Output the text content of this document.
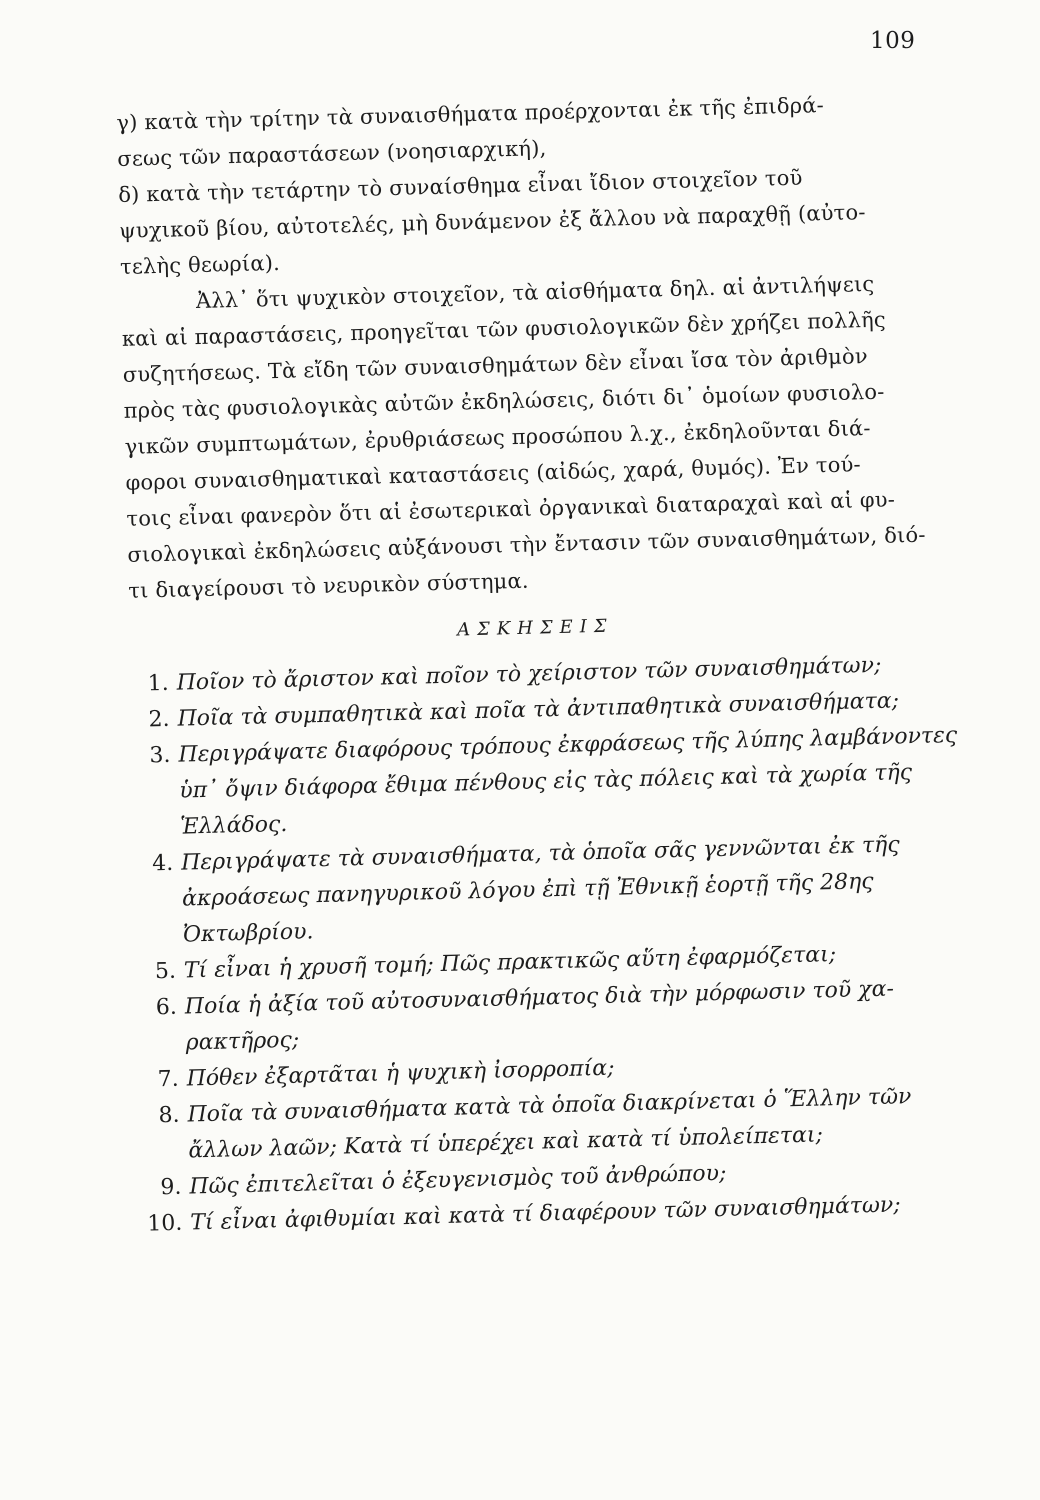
109
γ) κατὰ τὴν τρίτην τὰ συναισθήματα προέρχονται ἐκ τῆς ἐπιδρά-
σεως τῶν παραστάσεων (νοησιαρχική),
δ) κατὰ τὴν τετάρτην τὸ συναίσθημα εἶναι ἴδιον στοιχεῖον τοῦ
ψυχικοῦ βίου, αὐτοτελές, μὴ δυνάμενον ἐξ ἄλλου νὰ παραχθῇ (αὐτο-
τελὴς θεωρία).
Ἀλλ᾽ ὅτι ψυχικὸν στοιχεῖον, τὰ αἰσθήματα δηλ. αἱ ἀντιλήψεις
καὶ αἱ παραστάσεις, προηγεῖται τῶν φυσιολογικῶν δὲν χρήζει πολλῆς
συζητήσεως. Τὰ εἴδη τῶν συναισθημάτων δὲν εἶναι ἴσα τὸν ἀριθμὸν
πρὸς τὰς φυσιολογικὰς αὐτῶν ἐκδηλώσεις, διότι δι᾽ ὁμοίων φυσιολο-
γικῶν συμπτωμάτων, ἐρυθριάσεως προσώπου λ.χ., ἐκδηλοῦνται διά-
φοροι συναισθηματικαὶ καταστάσεις (αἰδώς, χαρά, θυμός). Ἐν τού-
τοις εἶναι φανερὸν ὅτι αἱ ἐσωτερικαὶ ὀργανικαὶ διαταραχαὶ καὶ αἱ φυ-
σιολογικαὶ ἐκδηλώσεις αὐξάνουσι τὴν ἔντασιν τῶν συναισθημάτων, διό-
τι διαγείρουσι τὸ νευρικὸν σύστημα.
ΑΣΚΗΣΕΙΣ
1. Ποῖον τὸ ἄριστον καὶ ποῖον τὸ χείριστον τῶν συναισθημάτων;
2. Ποῖα τὰ συμπαθητικὰ καὶ ποῖα τὰ ἀντιπαθητικὰ συναισθήματα;
3. Περιγράψατε διαφόρους τρόπους ἐκφράσεως τῆς λύπης λαμβάνοντες
ὑπ᾽ ὄψιν διάφορα ἔθιμα πένθους εἰς τὰς πόλεις καὶ τὰ χωρία τῆς
Ἑλλάδος.
4. Περιγράψατε τὰ συναισθήματα, τὰ ὁποῖα σᾶς γεννῶνται ἐκ τῆς
ἀκροάσεως πανηγυρικοῦ λόγου ἐπὶ τῇ Ἐθνικῇ ἑορτῇ τῆς 28ης
Ὀκτωβρίου.
5. Τί εἶναι ἡ χρυσῆ τομή; Πῶς πρακτικῶς αὕτη ἐφαρμόζεται;
6. Ποία ἡ ἀξία τοῦ αὐτοσυναισθήματος διὰ τὴν μόρφωσιν τοῦ χα-
ρακτῆρος;
7. Πόθεν ἐξαρτᾶται ἡ ψυχικὴ ἰσορροπία;
8. Ποῖα τὰ συναισθήματα κατὰ τὰ ὁποῖα διακρίνεται ὁ Ἕλλην τῶν
ἄλλων λαῶν; Κατὰ τί ὑπερέχει καὶ κατὰ τί ὑπολείπεται;
9. Πῶς ἐπιτελεῖται ὁ ἐξευγενισμὸς τοῦ ἀνθρώπου;
10. Τί εἶναι ἀφιθυμίαι καὶ κατὰ τί διαφέρουν τῶν συναισθημάτων;
